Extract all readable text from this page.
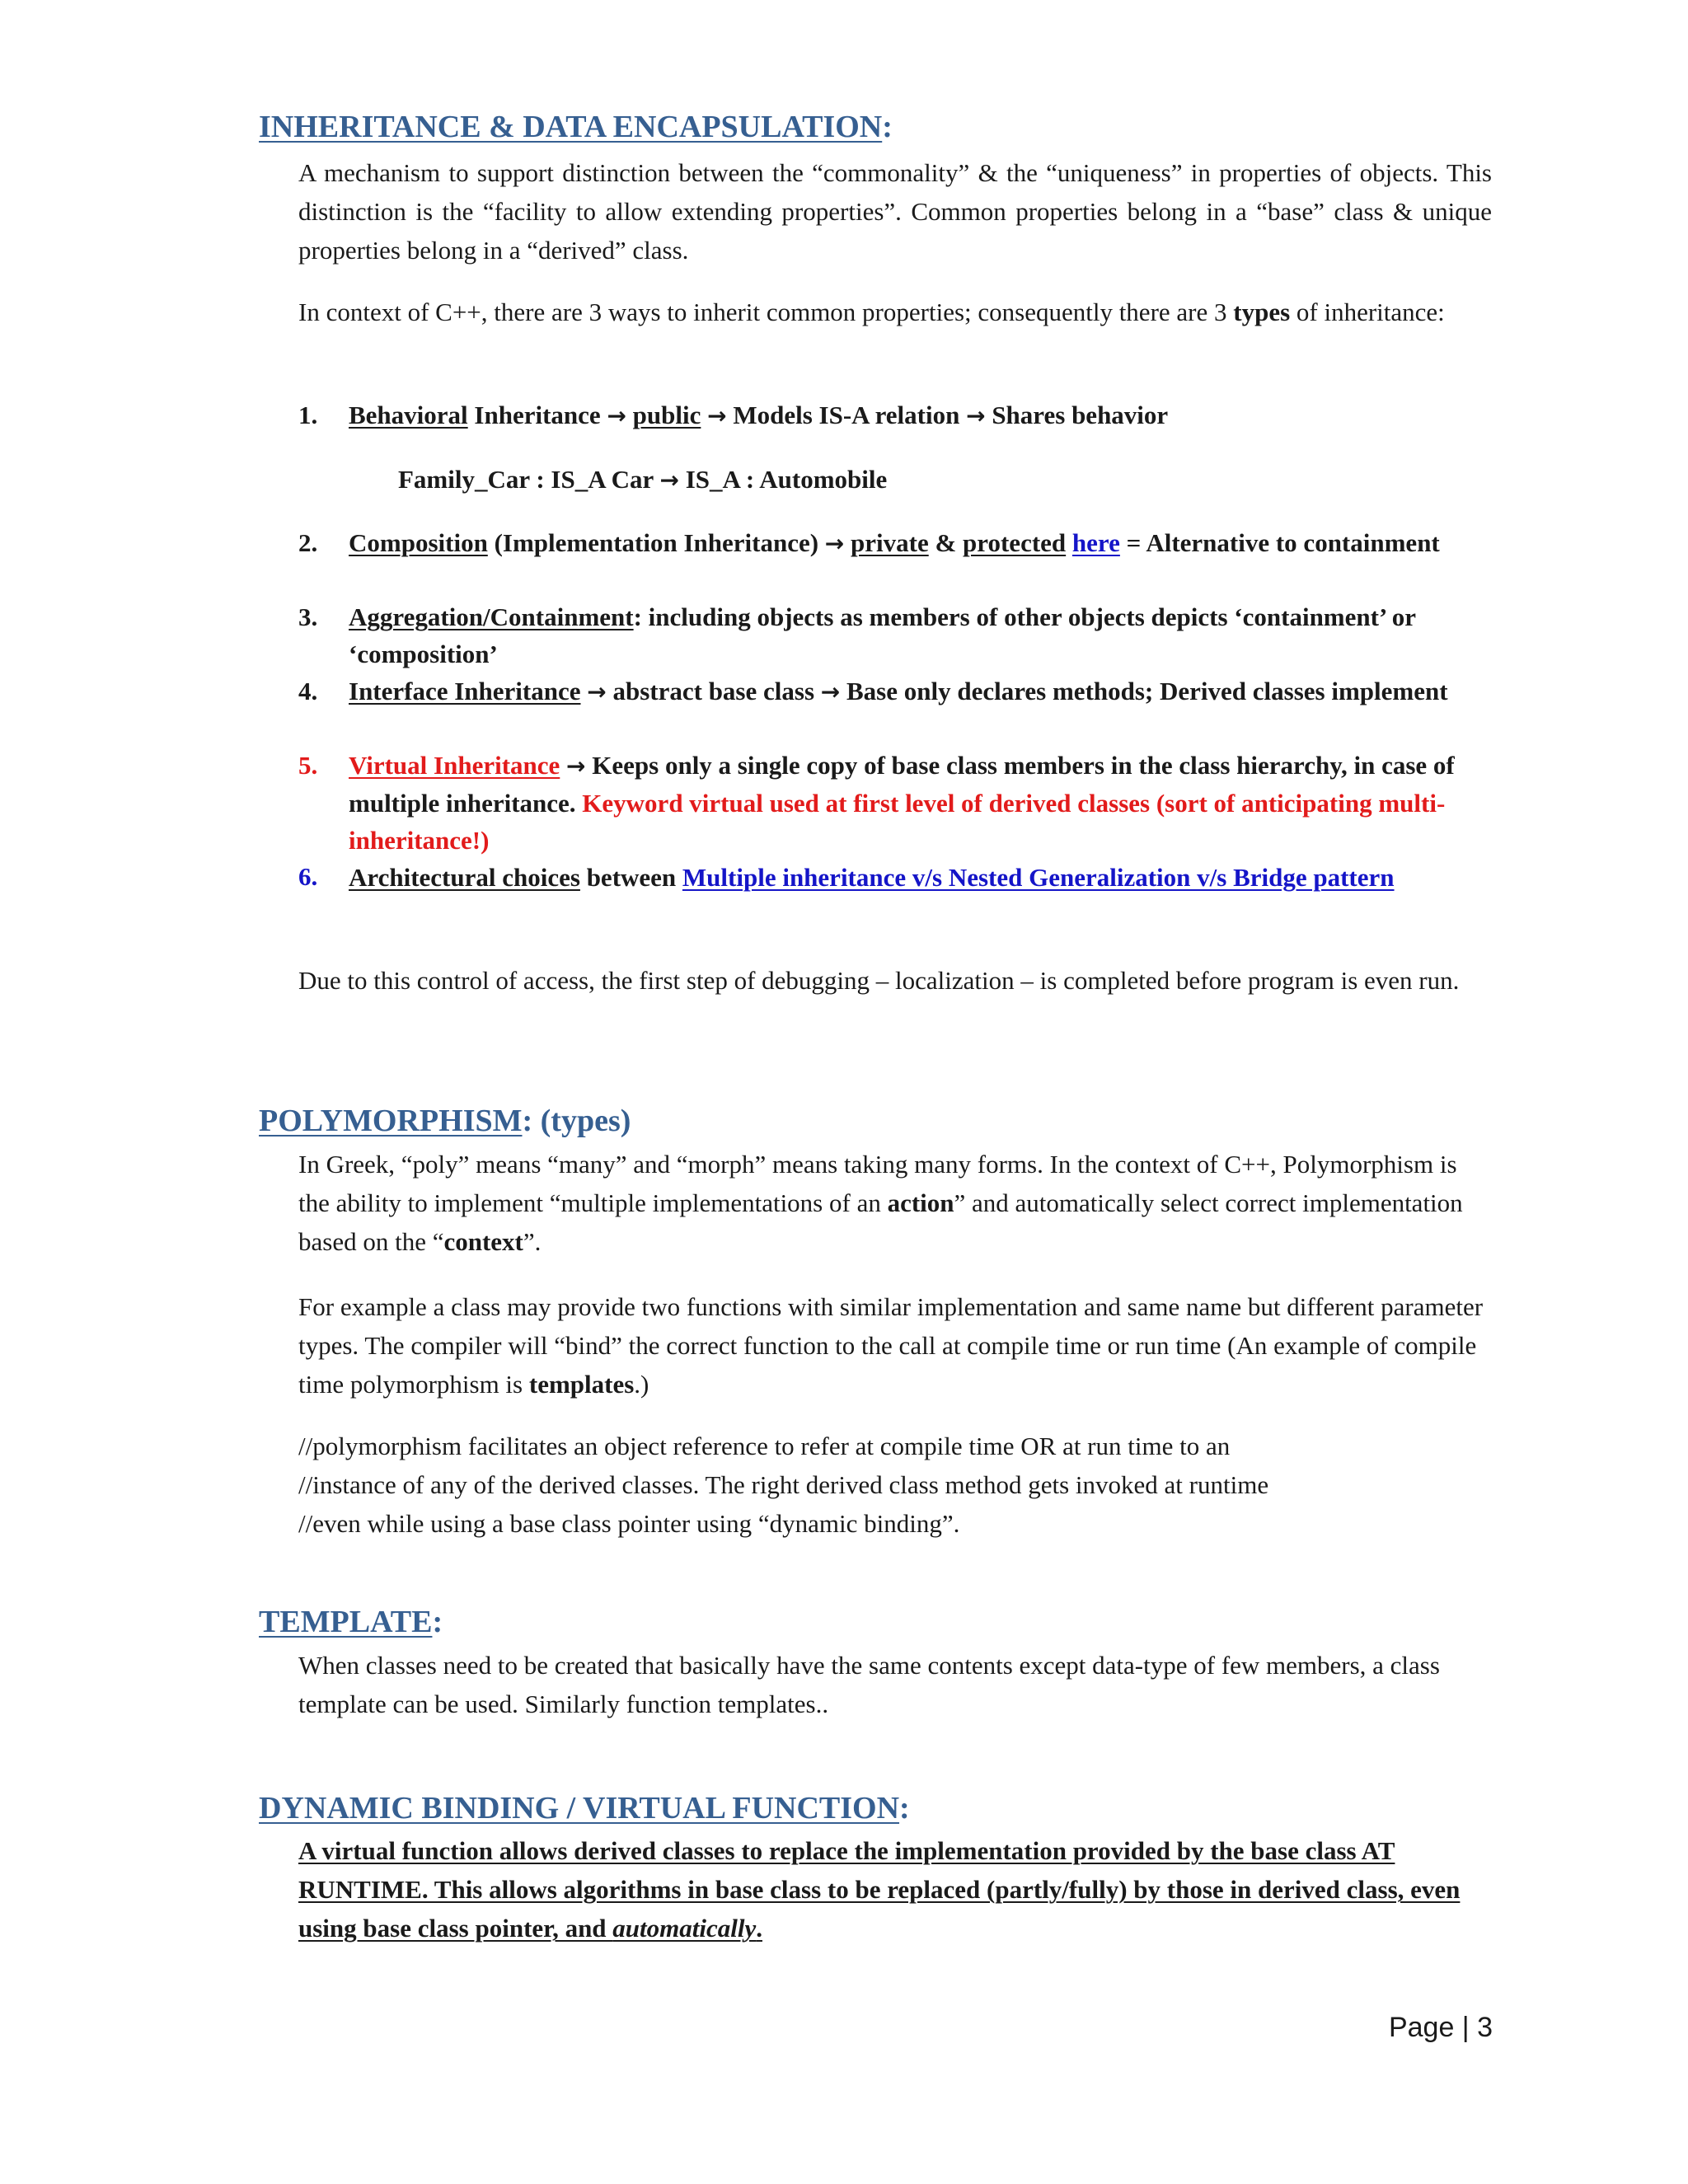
INHERITANCE & DATA ENCAPSULATION:
A mechanism to support distinction between the “commonality” & the “uniqueness” in properties of objects. This distinction is the “facility to allow extending properties”. Common properties belong in a “base” class & unique properties belong in a “derived” class.
In context of C++, there are 3 ways to inherit common properties; consequently there are 3 types of inheritance:
1.	Behavioral Inheritance → public → Models IS-A relation → Shares behavior
Family_Car : IS_A Car → IS_A : Automobile
2.	Composition (Implementation Inheritance) → private & protected here = Alternative to containment
3.	Aggregation/Containment: including objects as members of other objects depicts ‘containment’ or ‘composition’
4.	Interface Inheritance → abstract base class → Base only declares methods; Derived classes implement
5.	Virtual Inheritance → Keeps only a single copy of base class members in the class hierarchy, in case of multiple inheritance. Keyword virtual used at first level of derived classes (sort of anticipating multi-inheritance!)
6.	Architectural choices between Multiple inheritance v/s Nested Generalization v/s Bridge pattern
Due to this control of access, the first step of debugging – localization – is completed before program is even run.
POLYMORPHISM: (types)
In Greek, “poly” means “many” and “morph” means taking many forms. In the context of C++, Polymorphism is the ability to implement “multiple implementations of an action” and automatically select correct implementation based on the “context”.
For example a class may provide two functions with similar implementation and same name but different parameter types. The compiler will “bind” the correct function to the call at compile time or run time (An example of compile time polymorphism is templates.)
//polymorphism facilitates an object reference to refer at compile time OR at run time to an
//instance of any of the derived classes. The right derived class method gets invoked at runtime
//even while using a base class pointer using “dynamic binding”.
TEMPLATE:
When classes need to be created that basically have the same contents except data-type of few members, a class template can be used. Similarly function templates..
DYNAMIC BINDING / VIRTUAL FUNCTION:
A virtual function allows derived classes to replace the implementation provided by the base class AT RUNTIME. This allows algorithms in base class to be replaced (partly/fully) by those in derived class, even using base class pointer, and automatically.
Page | 3
